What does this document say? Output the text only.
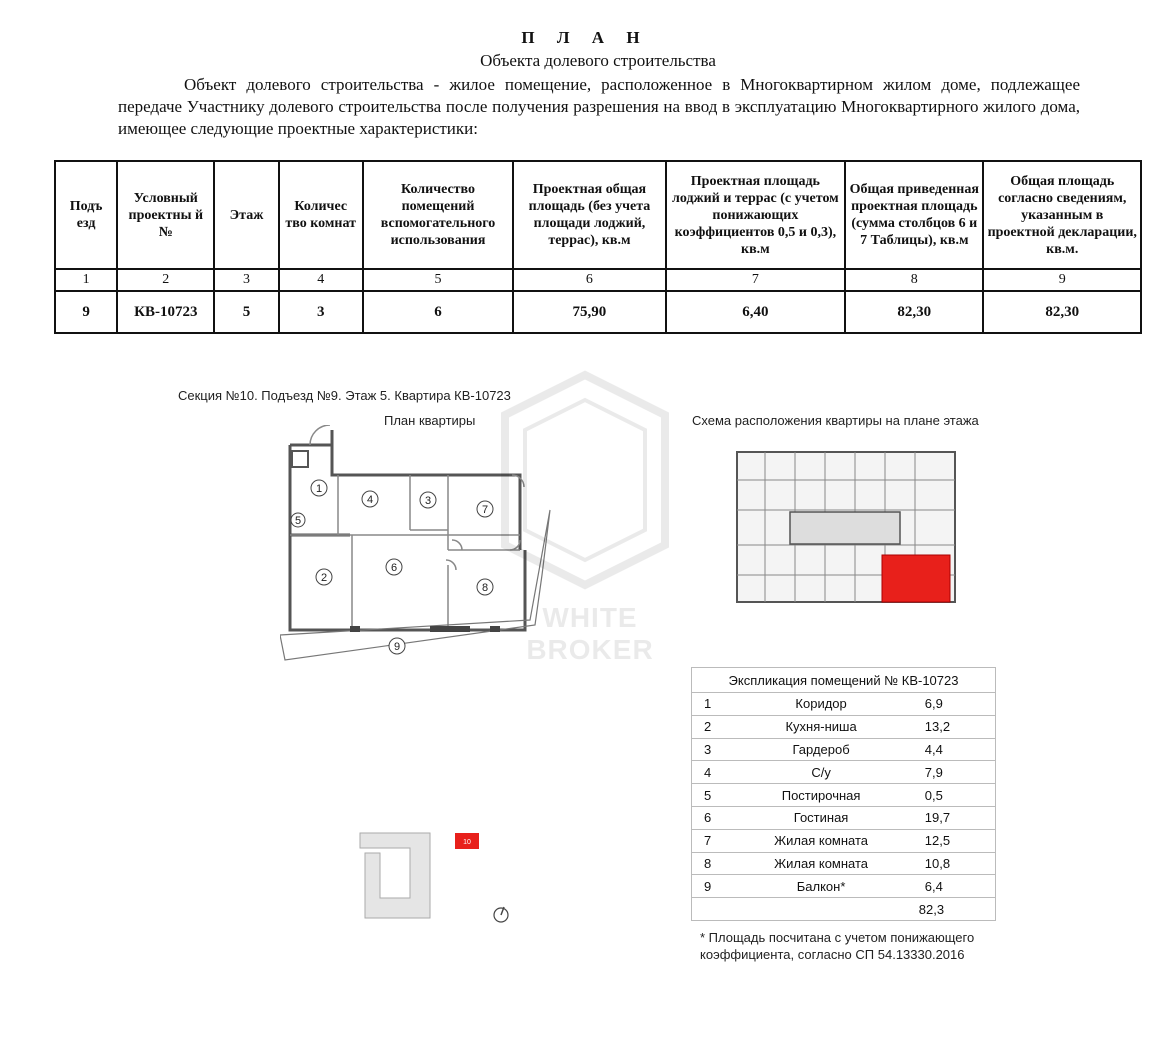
П Л А Н
Объекта долевого строительства

Объект долевого строительства - жилое помещение, расположенное в Многоквартирном жилом доме, подлежащее передаче Участнику долевого строительства после получения разрешения на ввод в эксплуатацию Многоквартирного жилого дома, имеющее следующие проектные характеристики:

Подъ езд	Условный проектны й №	Этаж	Количес тво комнат	Количество помещений вспомогательного использования	Проектная общая площадь (без учета площади лоджий, террас), кв.м	Проектная площадь лоджий и террас (с учетом понижающих коэффициентов 0,5 и 0,3), кв.м	Общая приведенная проектная площадь (сумма столбцов 6 и 7 Таблицы), кв.м	Общая площадь согласно сведениям, указанным в проектной декларации, кв.м.
1	2	3	4	5	6	7	8	9
9	КВ-10723	5	3	6	75,90	6,40	82,30	82,30
Секция №10. Подъезд №9. Этаж 5. Квартира КВ-10723
План квартиры	Схема расположения квартиры на плане этажа
1
2
3
4
5
6
7
8
9
10
WHITE
BROKER
Экспликация помещений № КВ-10723		
1	Коридор	6,9
2	Кухня-ниша	13,2
3	Гардероб	4,4
4	С/у	7,9
5	Постирочная	0,5
6	Гостиная	19,7
7	Жилая комната	12,5
8	Жилая комната	10,8
9	Балкон*	6,4
		82,3
* Площадь посчитана с учетом понижающего коэффициента, согласно СП 54.13330.2016
